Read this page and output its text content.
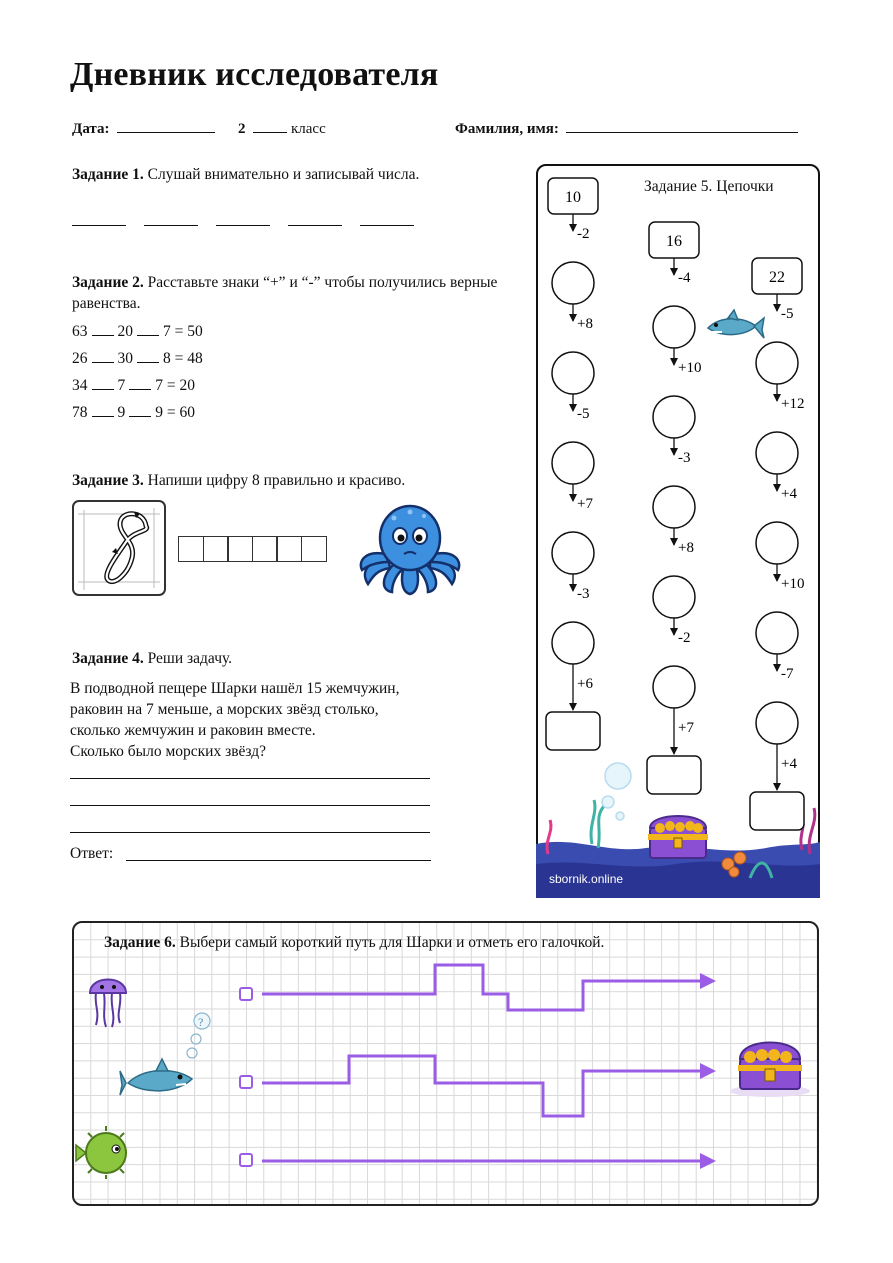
Дневник исследователя
Дата:	2	класс	Фамилия, имя:
Задание 1. Слушай внимательно и записывай числа.
Задание 2. Расставьте знаки “+” и “-” чтобы получились верные равенства.
63 20 7 = 50
26 30 8 = 48
34 7 7 = 20
78 9 9 = 60
Задание 3. Напиши цифру 8 правильно и красиво.
Задание 4. Реши задачу.
В подводной пещере Шарки нашёл 15 жемчужин,
раковин на 7 меньше, а морских звёзд столько,
сколько жемчужин и раковин вместе.
Сколько было морских звёзд?
Ответ:
Задание 5. Цепочки
10
-2
+8
-5
+7
-3
+6
16
-4
+10
-3
+8
-2
+7
22
-5
+12
+4
+10
-7
+4
sbornik.online
Задание 6. Выбери самый короткий путь для Шарки и отметь его галочкой.
?
